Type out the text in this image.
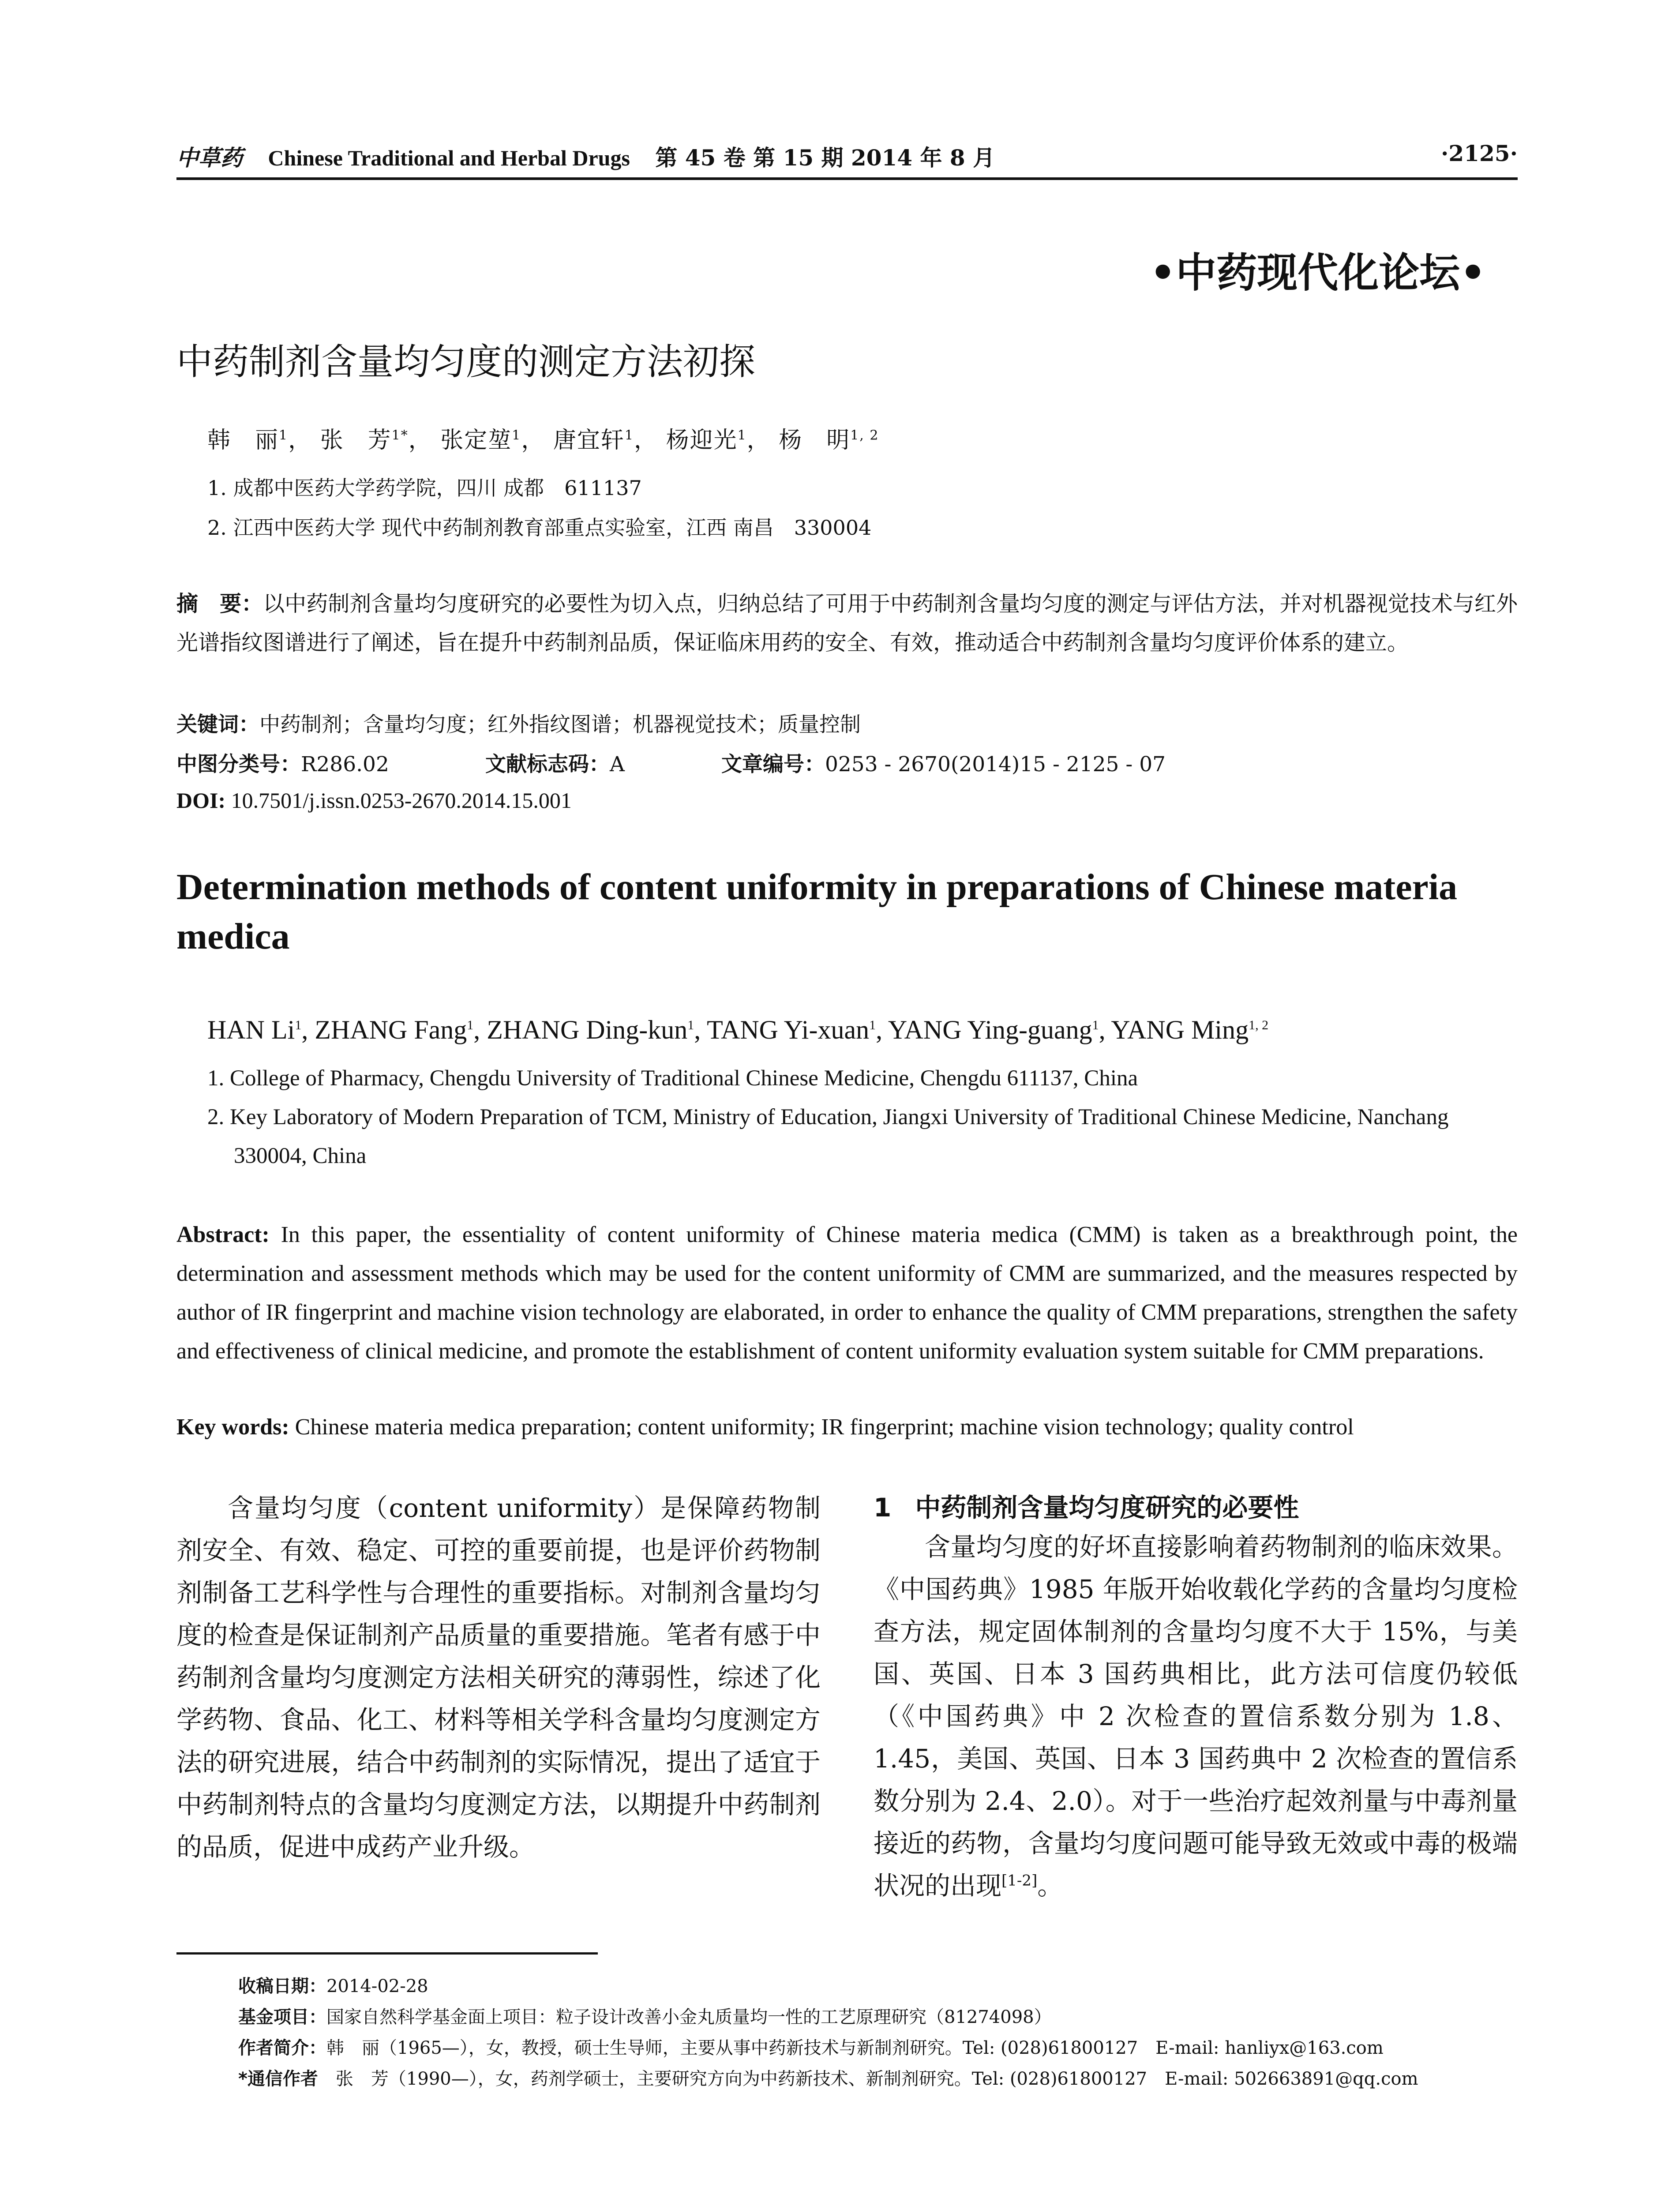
中草药 Chinese Traditional and Herbal Drugs 第 45 卷 第 15 期 2014 年 8 月	·2125·
•中药现代化论坛•
中药制剂含量均匀度的测定方法初探
韩　丽$^1$， 张　芳$^{1*}$， 张定堃$^1$， 唐宜轩$^1$， 杨迎光$^1$， 杨　明$^{1, 2}$
1. 成都中医药大学药学院，四川 成都　611137
2. 江西中医药大学 现代中药制剂教育部重点实验室，江西 南昌　330004
摘　要：以中药制剂含量均匀度研究的必要性为切入点，归纳总结了可用于中药制剂含量均匀度的测定与评估方法，并对机器视觉技术与红外光谱指纹图谱进行了阐述，旨在提升中药制剂品质，保证临床用药的安全、有效，推动适合中药制剂含量均匀度评价体系的建立。
关键词：中药制剂；含量均匀度；红外指纹图谱；机器视觉技术；质量控制
中图分类号：R286.02	文献标志码：A	文章编号：0253 - 2670(2014)15 - 2125 - 07
DOI: 10.7501/j.issn.0253-2670.2014.15.001
Determination methods of content uniformity in preparations of Chinese materia medica
HAN Li$^1$, ZHANG Fang$^1$, ZHANG Ding-kun$^1$, TANG Yi-xuan$^1$, YANG Ying-guang$^1$, YANG Ming$^{1, 2}$
1. College of Pharmacy, Chengdu University of Traditional Chinese Medicine, Chengdu 611137, China
2. Key Laboratory of Modern Preparation of TCM, Ministry of Education, Jiangxi University of Traditional Chinese Medicine, Nanchang 330004, China
Abstract: In this paper, the essentiality of content uniformity of Chinese materia medica (CMM) is taken as a breakthrough point, the determination and assessment methods which may be used for the content uniformity of CMM are summarized, and the measures respected by author of IR fingerprint and machine vision technology are elaborated, in order to enhance the quality of CMM preparations, strengthen the safety and effectiveness of clinical medicine, and promote the establishment of content uniformity evaluation system suitable for CMM preparations.
Key words: Chinese materia medica preparation; content uniformity; IR fingerprint; machine vision technology; quality control
含量均匀度（content uniformity）是保障药物制剂安全、有效、稳定、可控的重要前提，也是评价药物制剂制备工艺科学性与合理性的重要指标。对制剂含量均匀度的检查是保证制剂产品质量的重要措施。笔者有感于中药制剂含量均匀度测定方法相关研究的薄弱性，综述了化学药物、食品、化工、材料等相关学科含量均匀度测定方法的研究进展，结合中药制剂的实际情况，提出了适宜于中药制剂特点的含量均匀度测定方法，以期提升中药制剂的品质，促进中成药产业升级。
1 中药制剂含量均匀度研究的必要性
含量均匀度的好坏直接影响着药物制剂的临床效果。《中国药典》1985 年版开始收载化学药的含量均匀度检查方法，规定固体制剂的含量均匀度不大于 15%，与美国、英国、日本 3 国药典相比，此方法可信度仍较低（《中国药典》中 2 次检查的置信系数分别为 1.8、1.45，美国、英国、日本 3 国药典中 2 次检查的置信系数分别为 2.4、2.0）。对于一些治疗起效剂量与中毒剂量接近的药物，含量均匀度问题可能导致无效或中毒的极端状况的出现[1-2]。
收稿日期：2014-02-28
基金项目：国家自然科学基金面上项目：粒子设计改善小金丸质量均一性的工艺原理研究（81274098）
作者简介：韩　丽（1965—），女，教授，硕士生导师，主要从事中药新技术与新制剂研究。Tel: (028)61800127　E-mail: hanliyx@163.com
*通信作者　 张　芳（1990—），女，药剂学硕士，主要研究方向为中药新技术、新制剂研究。Tel: (028)61800127　E-mail: 502663891@qq.com
